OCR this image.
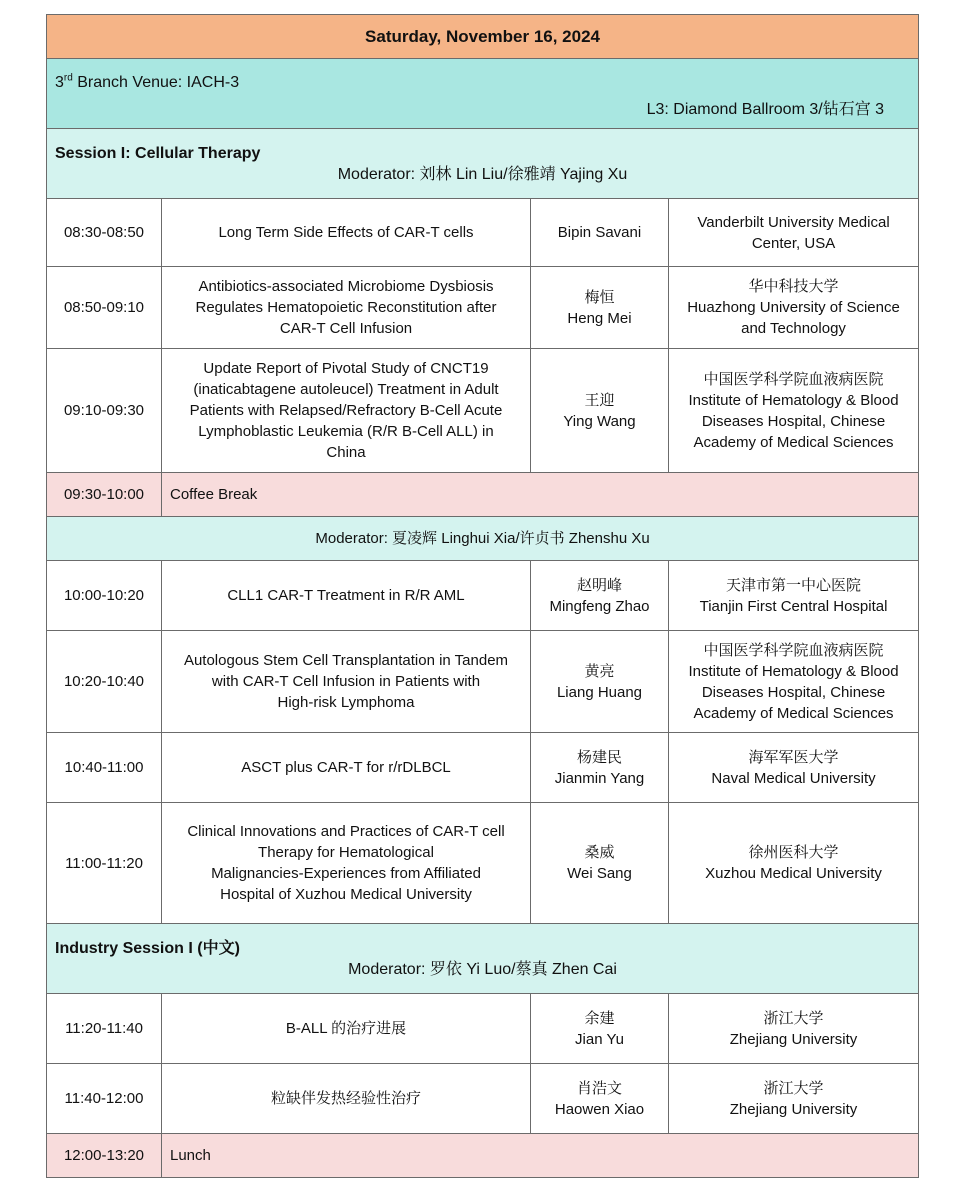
Saturday, November 16, 2024			
3rd Branch Venue: IACH-3
L3: Diamond Ballroom 3/钻石宫 3			

Session I: Cellular Therapy
Moderator: 刘林 Lin Liu/徐雅靖 Yajing Xu			

08:30-08:50	Long Term Side Effects of CAR-T cells	Bipin Savani	Vanderbilt University Medical
Center, USA

08:50-09:10	Antibiotics-associated Microbiome Dysbiosis
Regulates Hematopoietic Reconstitution after
CAR-T Cell Infusion	梅恒
Heng Mei	华中科技大学
Huazhong University of Science
and Technology

09:10-09:30	Update Report of Pivotal Study of CNCT19
(inaticabtagene autoleucel) Treatment in Adult
Patients with Relapsed/Refractory B-Cell Acute
Lymphoblastic Leukemia (R/R B-Cell ALL) in
China	王迎
Ying Wang	中国医学科学院血液病医院
Institute of Hematology & Blood
Diseases Hospital, Chinese
Academy of Medical Sciences

09:30-10:00	Coffee Break		
Moderator: 夏凌辉 Linghui Xia/许贞书 Zhenshu Xu			
10:00-10:20	CLL1 CAR-T Treatment in R/R AML	赵明峰
Mingfeng Zhao	天津市第一中心医院
Tianjin First Central Hospital

10:20-10:40	Autologous Stem Cell Transplantation in Tandem
with CAR-T Cell Infusion in Patients with
High-risk Lymphoma	黄亮
Liang Huang	中国医学科学院血液病医院
Institute of Hematology & Blood
Diseases Hospital, Chinese
Academy of Medical Sciences

10:40-11:00	ASCT plus CAR-T for r/rDLBCL	杨建民
Jianmin Yang	海军军医大学
Naval Medical University

11:00-11:20	Clinical Innovations and Practices of CAR-T cell
Therapy for Hematological
Malignancies-Experiences from Affiliated
Hospital of Xuzhou Medical University	桑威
Wei Sang	徐州医科大学
Xuzhou Medical University

Industry Session I (中文)
Moderator: 罗依 Yi Luo/蔡真 Zhen Cai			

11:20-11:40	B-ALL 的治疗进展	余建
Jian Yu	浙江大学
Zhejiang University

11:40-12:00	粒缺伴发热经验性治疗	肖浩文
Haowen Xiao	浙江大学
Zhejiang University

12:00-13:20	Lunch		
